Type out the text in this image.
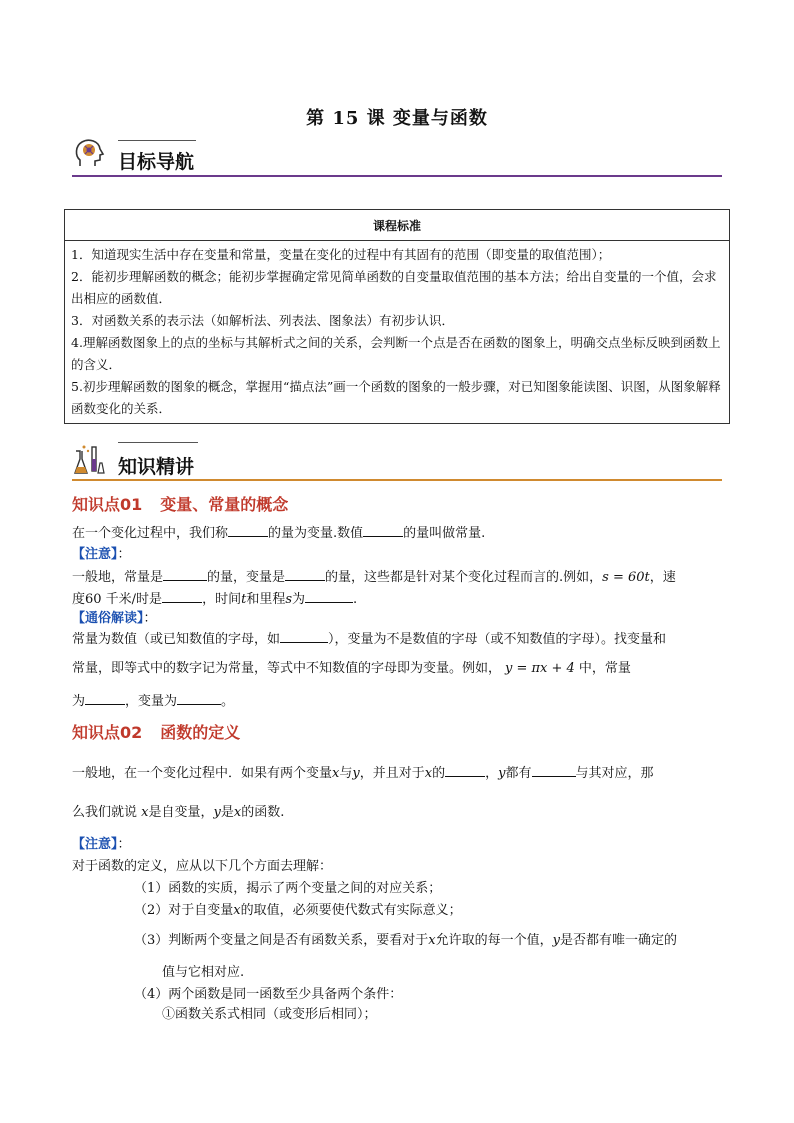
第 15 课 变量与函数
目标导航
课程标准

1．知道现实生活中存在变量和常量，变量在变化的过程中有其固有的范围（即变量的取值范围）；
2．能初步理解函数的概念；能初步掌握确定常见简单函数的自变量取值范围的基本方法；给出自变量的一个值，会求出相应的函数值．
3．对函数关系的表示法（如解析法、列表法、图象法）有初步认识．
4.理解函数图象上的点的坐标与其解析式之间的关系，会判断一个点是否在函数的图象上，明确交点坐标反映到函数上的含义．
5.初步理解函数的图象的概念，掌握用“描点法”画一个函数的图象的一般步骤，对已知图象能读图、识图，从图象解释函数变化的关系．
知识精讲
知识点01 变量、常量的概念
在一个变化过程中，我们称	的量为变量.数值	的量叫做常量.
【注意】：
一般地，常量是	的量，变量是	的量，这些都是针对某个变化过程而言的.例如，s = 60t，速
度60 千米/时是	，时间t和里程s为	.
【通俗解读】：
常量为数值（或已知数值的字母，如	），变量为不是数值的字母（或不知数值的字母）。找变量和
常量，即等式中的数字记为常量，等式中不知数值的字母即为变量。例如， y = πx + 4 中，常量
为	，变量为	。
知识点02 函数的定义
一般地，在一个变化过程中．如果有两个变量x与y，并且对于x的	，y都有	与其对应，那
么我们就说 x是自变量，y是x的函数.
【注意】：
对于函数的定义，应从以下几个方面去理解：
（1）函数的实质，揭示了两个变量之间的对应关系；
（2）对于自变量x的取值，必须要使代数式有实际意义；
（3）判断两个变量之间是否有函数关系，要看对于x允许取的每一个值，y是否都有唯一确定的
值与它相对应.
（4）两个函数是同一函数至少具备两个条件：
①函数关系式相同（或变形后相同）；
